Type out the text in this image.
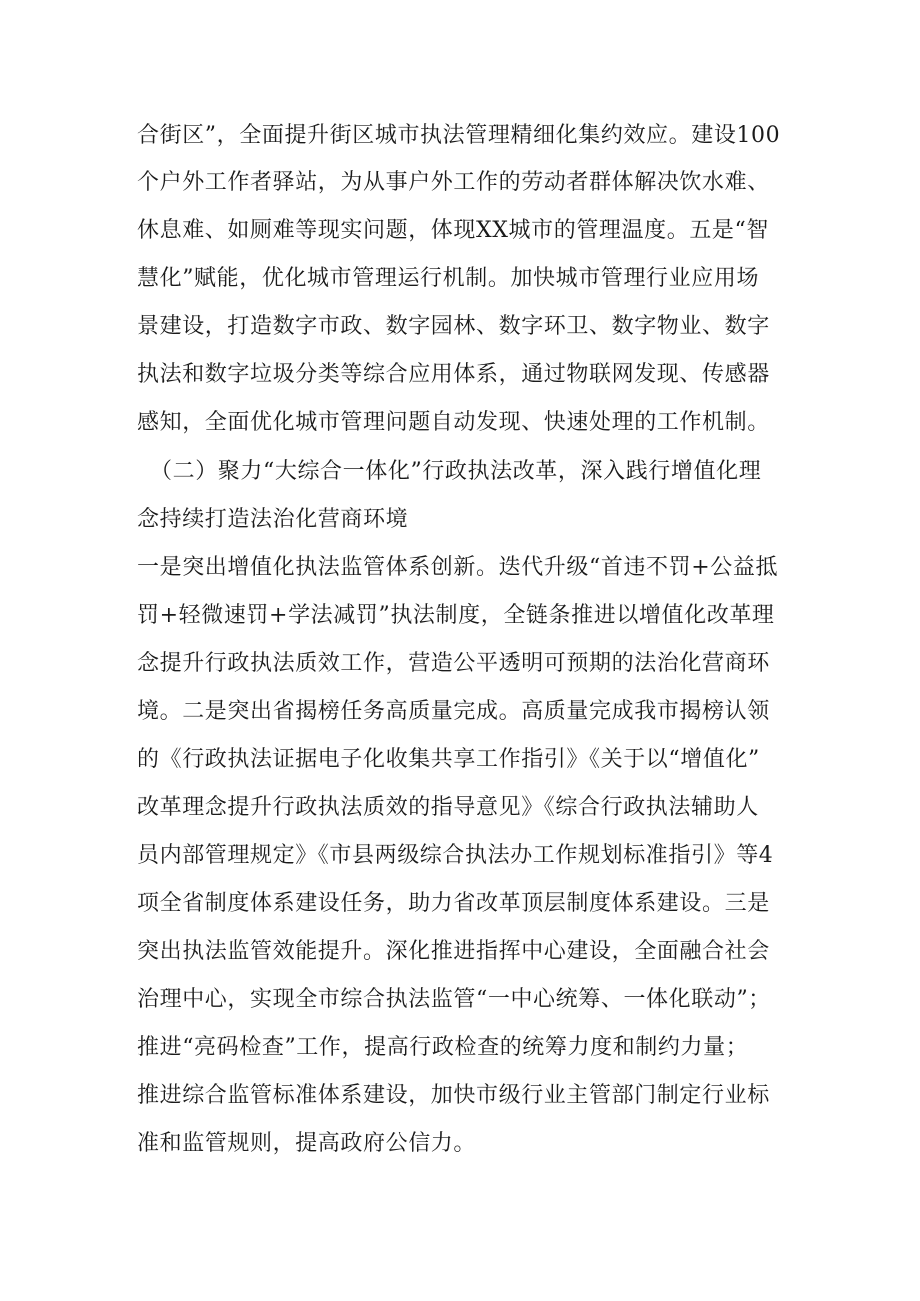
合街区”，全面提升街区城市执法管理精细化集约效应。建设100
个户外工作者驿站，为从事户外工作的劳动者群体解决饮水难、
休息难、如厕难等现实问题，体现XX城市的管理温度。五是“智
慧化”赋能，优化城市管理运行机制。加快城市管理行业应用场
景建设，打造数字市政、数字园林、数字环卫、数字物业、数字
执法和数字垃圾分类等综合应用体系，通过物联网发现、传感器
感知，全面优化城市管理问题自动发现、快速处理的工作机制。
（二）聚力“大综合一体化”行政执法改革，深入践行增值化理
念持续打造法治化营商环境
一是突出增值化执法监管体系创新。迭代升级“首违不罚+公益抵
罚+轻微速罚+学法减罚”执法制度，全链条推进以增值化改革理
念提升行政执法质效工作，营造公平透明可预期的法治化营商环
境。二是突出省揭榜任务高质量完成。高质量完成我市揭榜认领
的《行政执法证据电子化收集共享工作指引》《关于以“增值化”
改革理念提升行政执法质效的指导意见》《综合行政执法辅助人
员内部管理规定》《市县两级综合执法办工作规划标准指引》等4
项全省制度体系建设任务，助力省改革顶层制度体系建设。三是
突出执法监管效能提升。深化推进指挥中心建设，全面融合社会
治理中心，实现全市综合执法监管“一中心统筹、一体化联动”；
推进“亮码检查”工作，提高行政检查的统筹力度和制约力量；
推进综合监管标准体系建设，加快市级行业主管部门制定行业标
准和监管规则，提高政府公信力。
